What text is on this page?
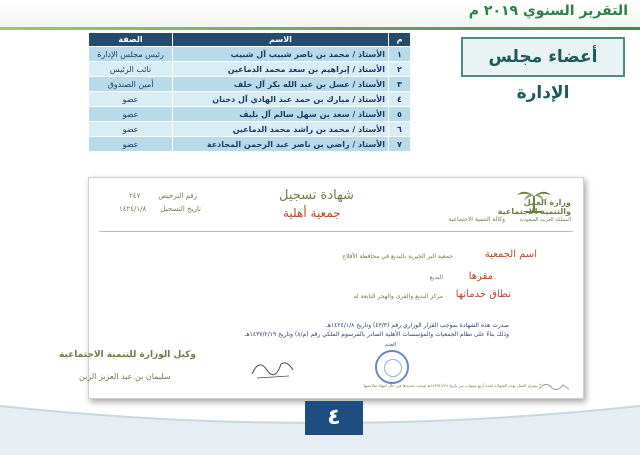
التقرير السنوي ٢٠١٩ م
أعضاء مجلس الإدارة
م	الاسم	الصفة
١	الأستاذ / محمد بن ناصر شبيب آل شبيب	رئيس مجلس الإدارة
٢	الأستاذ / إبراهيم بن سعد محمد الدماعين	نائب الرئيس
٣	الأستاذ / عسل بن عبد الله بكر آل خلف	أمين الصندوق
٤	الأستاذ / مبارك بن حمد عبد الهادي آل دخنان	عضو
٥	الأستاذ / سعد بن سهل سالم آل بليف	عضو
٦	الأستاذ / محمد بن راشد محمد الدماعين	عضو
٧	الأستاذ / راضي بن ناصر عبد الرحمن المجادعة	عضو
وزارة العمل
والتنمية الاجتماعية
المملكة العربية السعودية
وكالة التنمية الاجتماعية
شهادة تسجيل
جمعية أهلية
رقم الترخيص
٢٤٧
تاريخ التسجيل
١٤٢٤/١/٨
اسم الجمعية
جمعية البر الخيرية بالبديع في محافظة الأفلاج
مقرها
البديع
نطاق خدماتها
مركز البديع والقرى والهجر التابعة له
صدرت هذه الشهادة بموجب القرار الوزاري رقم (٤٣/٣) وتاريخ ١٤٢٤/١/٨هـ
وذلك بناءً على نظام الجمعيات والمؤسسات الأهلية الصادر بالمرسوم الملكي رقم (م/٨) وتاريخ ١٤٣٧/٢/١٩هـ
الختم
وكيل الوزارة للتنمية الاجتماعية
سليمان بن عبد العزيز الزبن
* يسري العمل بهذه الشهادة لمدة أربع سنوات من تاريخ ١٤٣٩/١/٢٨هـ ويجب تجديدها في حال انتهاء صلاحيتها
٤
